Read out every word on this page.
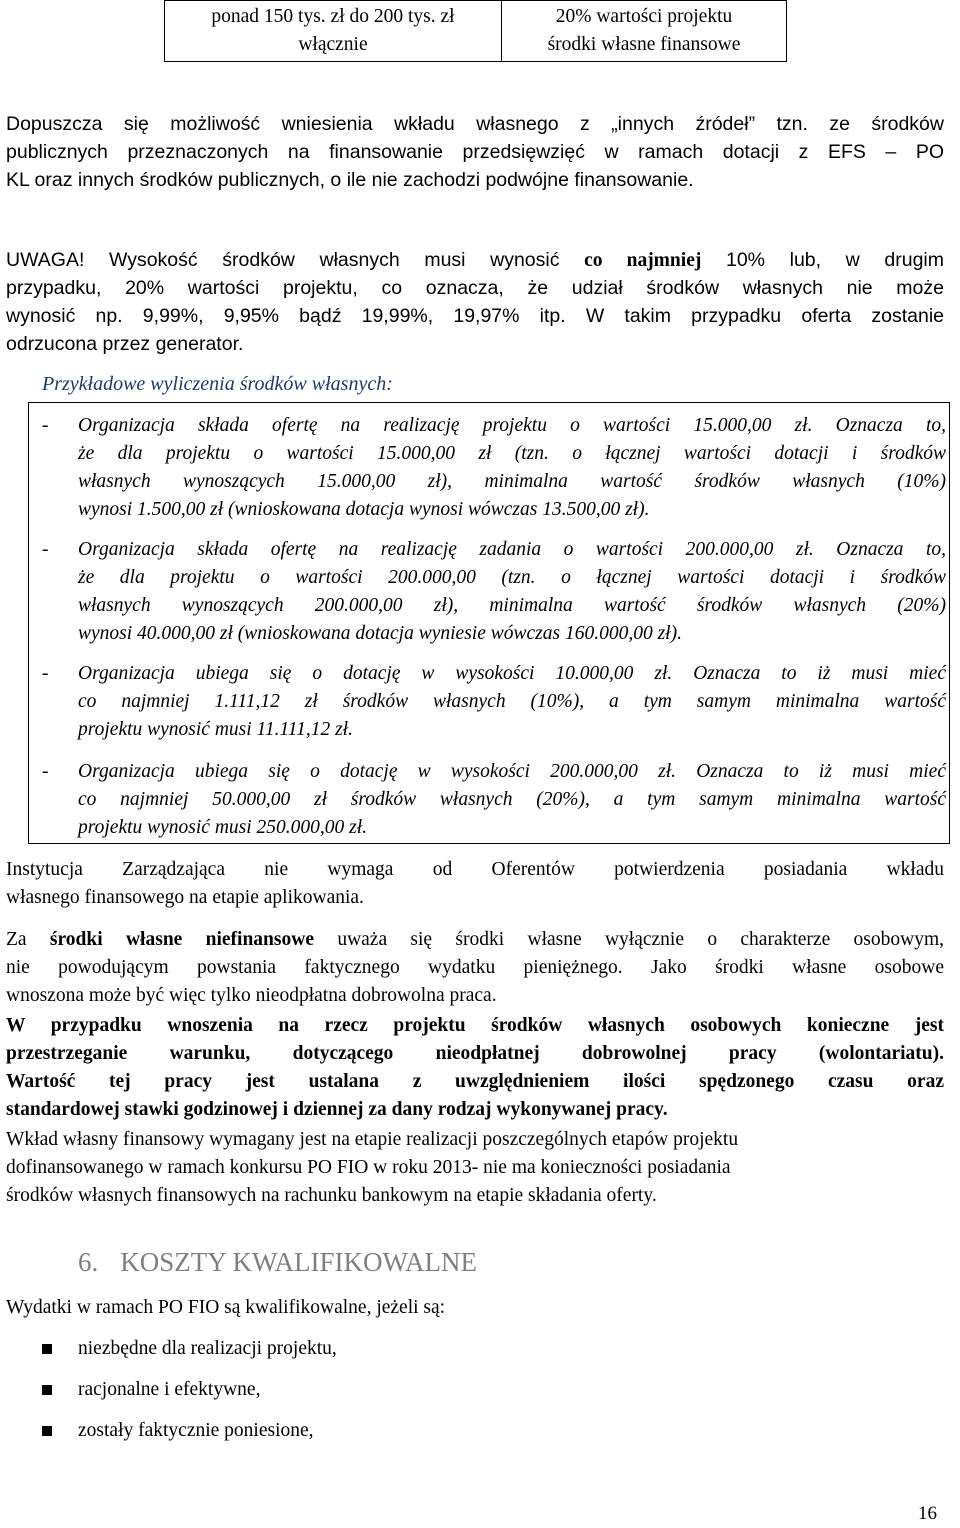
ponad 150 tys. zł do 200 tys. zł
włącznie

20% wartości projektu
środki własne finansowe
Dopuszcza się możliwość wniesienia wkładu własnego z „innych źródeł” tzn. ze środków
publicznych przeznaczonych na finansowanie przedsięwzięć w ramach dotacji z EFS – PO
KL oraz innych środków publicznych, o ile nie zachodzi podwójne finansowanie.
UWAGA! Wysokość środków własnych musi wynosić co najmniej 10% lub, w drugim
przypadku, 20% wartości projektu, co oznacza, że udział środków własnych nie może
wynosić np. 9,99%, 9,95% bądź 19,99%, 19,97% itp. W takim przypadku oferta zostanie
odrzucona przez generator.
Przykładowe wyliczenia środków własnych:
- Organizacja składa ofertę na realizację projektu o wartości 15.000,00 zł. Oznacza to,
że dla projektu o wartości 15.000,00 zł (tzn. o łącznej wartości dotacji i środków
własnych wynoszących 15.000,00 zł), minimalna wartość środków własnych (10%)
wynosi 1.500,00 zł (wnioskowana dotacja wynosi wówczas 13.500,00 zł).
- Organizacja składa ofertę na realizację zadania o wartości 200.000,00 zł. Oznacza to,
że dla projektu o wartości 200.000,00 (tzn. o łącznej wartości dotacji i środków
własnych wynoszących 200.000,00 zł), minimalna wartość środków własnych (20%)
wynosi 40.000,00 zł (wnioskowana dotacja wyniesie wówczas 160.000,00 zł).
- Organizacja ubiega się o dotację w wysokości 10.000,00 zł. Oznacza to iż musi mieć
co najmniej 1.111,12 zł środków własnych (10%), a tym samym minimalna wartość
projektu wynosić musi 11.111,12 zł.
- Organizacja ubiega się o dotację w wysokości 200.000,00 zł. Oznacza to iż musi mieć
co najmniej 50.000,00 zł środków własnych (20%), a tym samym minimalna wartość
projektu wynosić musi 250.000,00 zł.
Instytucja Zarządzająca nie wymaga od Oferentów potwierdzenia posiadania wkładu
własnego finansowego na etapie aplikowania.
Za środki własne niefinansowe uważa się środki własne wyłącznie o charakterze osobowym,
nie powodującym powstania faktycznego wydatku pieniężnego. Jako środki własne osobowe
wnoszona może być więc tylko nieodpłatna dobrowolna praca.
W przypadku wnoszenia na rzecz projektu środków własnych osobowych konieczne jest
przestrzeganie warunku, dotyczącego nieodpłatnej dobrowolnej pracy (wolontariatu).
Wartość tej pracy jest ustalana z uwzględnieniem ilości spędzonego czasu oraz
standardowej stawki godzinowej i dziennej za dany rodzaj wykonywanej pracy.
Wkład własny finansowy wymagany jest na etapie realizacji poszczególnych etapów projektu
dofinansowanego w ramach konkursu PO FIO w roku 2013- nie ma konieczności posiadania
środków własnych finansowych na rachunku bankowym na etapie składania oferty.
6. KOSZTY KWALIFIKOWALNE
Wydatki w ramach PO FIO są kwalifikowalne, jeżeli są:
niezbędne dla realizacji projektu,
racjonalne i efektywne,
zostały faktycznie poniesione,
16
